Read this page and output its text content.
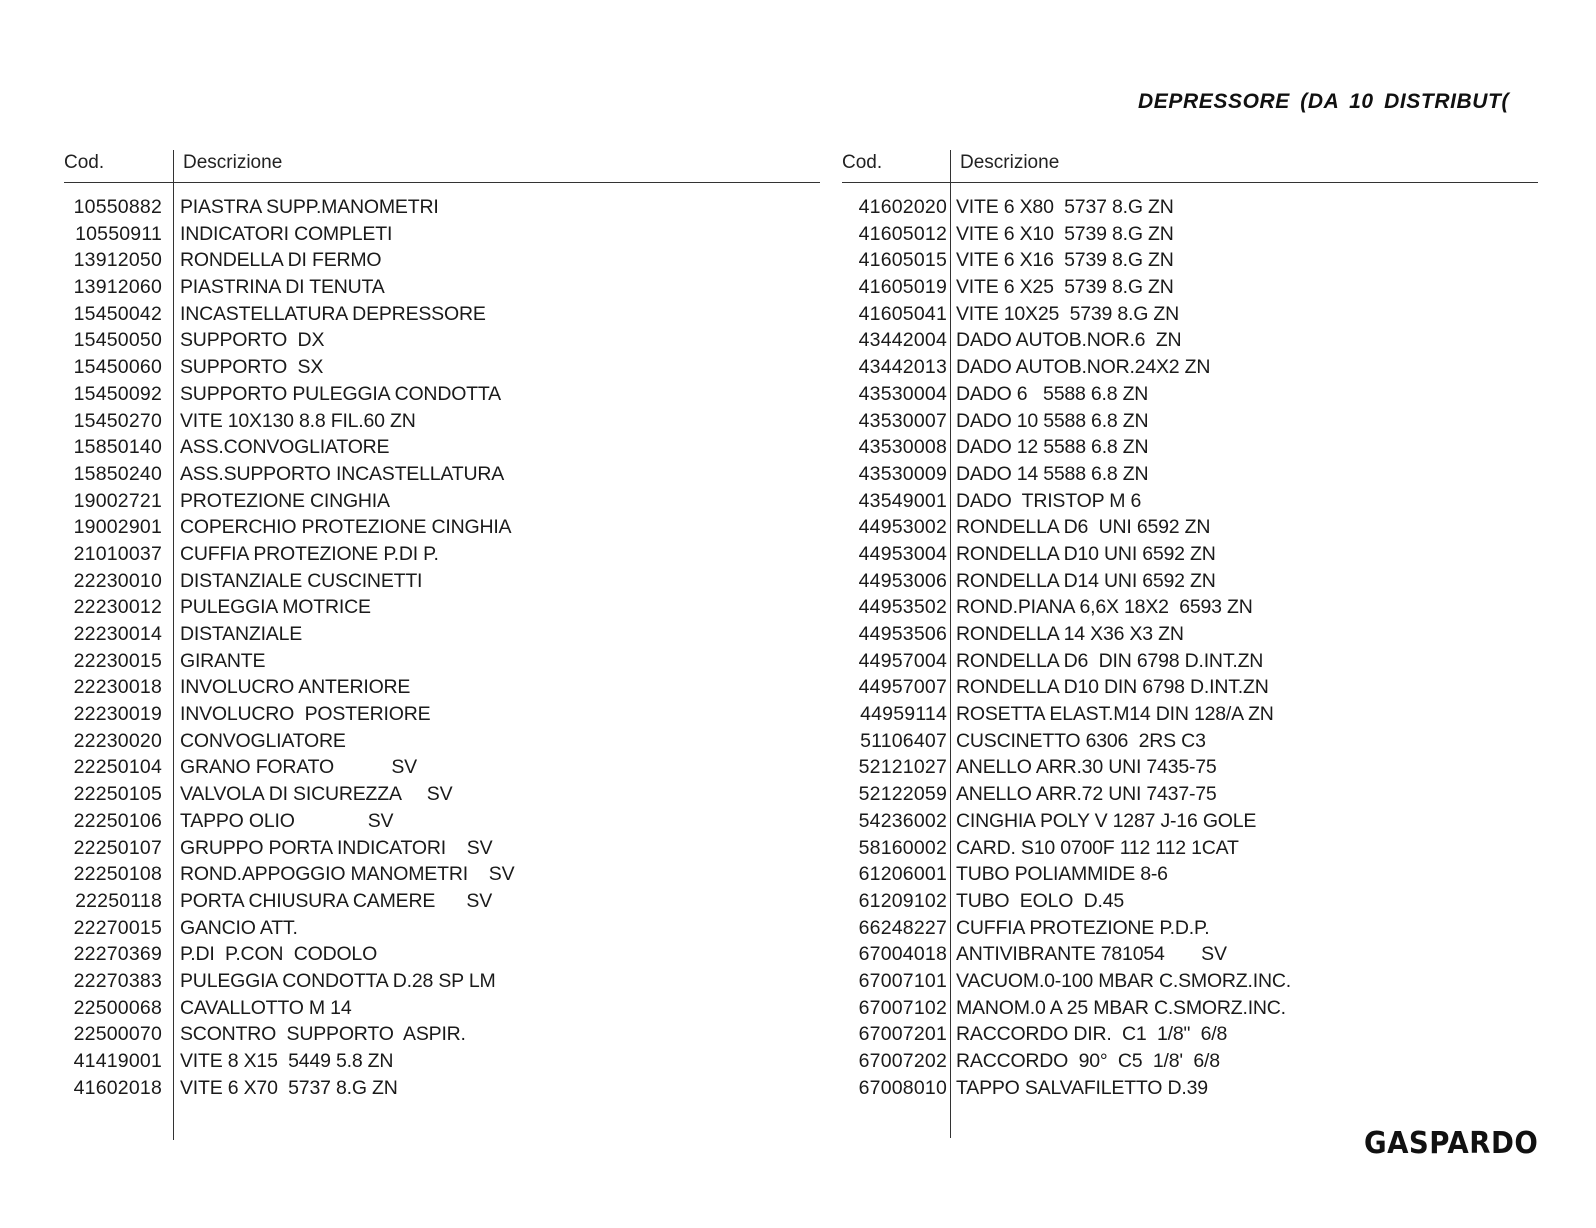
DEPRESSORE (DA 10 DISTRIBUT(
Cod.	Descrizione
10550882 PIASTRA SUPP.MANOMETRI
10550911 INDICATORI COMPLETI
13912050 RONDELLA DI FERMO
13912060 PIASTRINA DI TENUTA
15450042 INCASTELLATURA DEPRESSORE
15450050 SUPPORTO  DX
15450060 SUPPORTO  SX
15450092 SUPPORTO PULEGGIA CONDOTTA
15450270 VITE 10X130 8.8 FIL.60 ZN
15850140 ASS.CONVOGLIATORE
15850240 ASS.SUPPORTO INCASTELLATURA
19002721 PROTEZIONE CINGHIA
19002901 COPERCHIO PROTEZIONE CINGHIA
21010037 CUFFIA PROTEZIONE P.DI P.
22230010 DISTANZIALE CUSCINETTI
22230012 PULEGGIA MOTRICE
22230014 DISTANZIALE
22230015 GIRANTE
22230018 INVOLUCRO ANTERIORE
22230019 INVOLUCRO  POSTERIORE
22230020 CONVOGLIATORE
22250104 GRANO FORATO           SV
22250105 VALVOLA DI SICUREZZA     SV
22250106 TAPPO OLIO              SV
22250107 GRUPPO PORTA INDICATORI    SV
22250108 ROND.APPOGGIO MANOMETRI    SV
22250118 PORTA CHIUSURA CAMERE      SV
22270015 GANCIO ATT.
22270369 P.DI  P.CON  CODOLO
22270383 PULEGGIA CONDOTTA D.28 SP LM
22500068 CAVALLOTTO M 14
22500070 SCONTRO  SUPPORTO  ASPIR.
41419001 VITE 8 X15  5449 5.8 ZN
41602018 VITE 6 X70  5737 8.G ZN
Cod.	Descrizione
41602020 VITE 6 X80  5737 8.G ZN
41605012 VITE 6 X10  5739 8.G ZN
41605015 VITE 6 X16  5739 8.G ZN
41605019 VITE 6 X25  5739 8.G ZN
41605041 VITE 10X25  5739 8.G ZN
43442004 DADO AUTOB.NOR.6  ZN
43442013 DADO AUTOB.NOR.24X2 ZN
43530004 DADO 6   5588 6.8 ZN
43530007 DADO 10 5588 6.8 ZN
43530008 DADO 12 5588 6.8 ZN
43530009 DADO 14 5588 6.8 ZN
43549001 DADO  TRISTOP M 6
44953002 RONDELLA D6  UNI 6592 ZN
44953004 RONDELLA D10 UNI 6592 ZN
44953006 RONDELLA D14 UNI 6592 ZN
44953502 ROND.PIANA 6,6X 18X2  6593 ZN
44953506 RONDELLA 14 X36 X3 ZN
44957004 RONDELLA D6  DIN 6798 D.INT.ZN
44957007 RONDELLA D10 DIN 6798 D.INT.ZN
44959114 ROSETTA ELAST.M14 DIN 128/A ZN
51106407 CUSCINETTO 6306  2RS C3
52121027 ANELLO ARR.30 UNI 7435-75
52122059 ANELLO ARR.72 UNI 7437-75
54236002 CINGHIA POLY V 1287 J-16 GOLE
58160002 CARD. S10 0700F 112 112 1CAT
61206001 TUBO POLIAMMIDE 8-6
61209102 TUBO  EOLO  D.45
66248227 CUFFIA PROTEZIONE P.D.P.
67004018 ANTIVIBRANTE 781054       SV
67007101 VACUOM.0-100 MBAR C.SMORZ.INC.
67007102 MANOM.0 A 25 MBAR C.SMORZ.INC.
67007201 RACCORDO DIR.  C1  1/8"  6/8
67007202 RACCORDO  90°  C5  1/8'  6/8
67008010 TAPPO SALVAFILETTO D.39
GASPARDO
